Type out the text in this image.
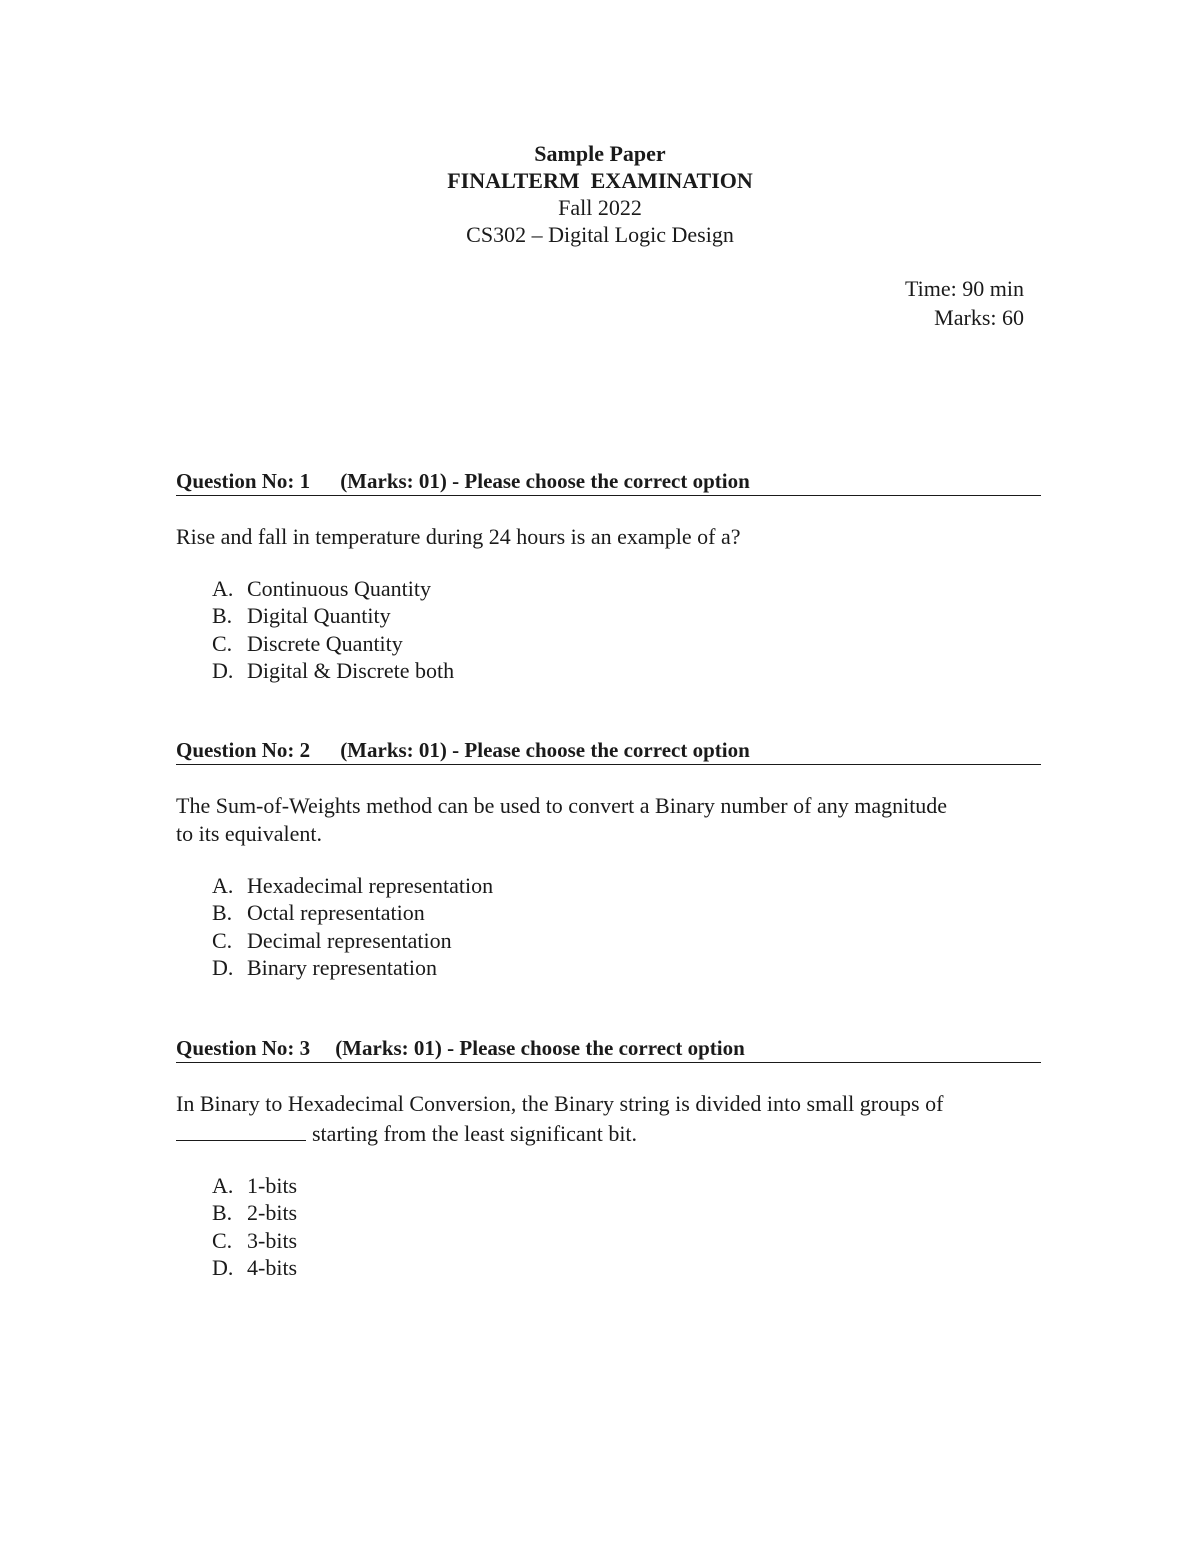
Sample Paper
FINALTERM  EXAMINATION
Fall 2022
CS302 – Digital Logic Design
Time: 90 min
Marks: 60
Question No: 1 (Marks: 01) - Please choose the correct option
Rise and fall in temperature during 24 hours is an example of a?
A. Continuous Quantity
B. Digital Quantity
C. Discrete Quantity
D. Digital & Discrete both
Question No: 2 (Marks: 01) - Please choose the correct option
The Sum-of-Weights method can be used to convert a Binary number of any magnitude
to its equivalent.
A. Hexadecimal representation
B. Octal representation
C. Decimal representation
D. Binary representation
Question No: 3 (Marks: 01) - Please choose the correct option
In Binary to Hexadecimal Conversion, the Binary string is divided into small groups of
starting from the least significant bit.
A. 1-bits
B. 2-bits
C. 3-bits
D. 4-bits
